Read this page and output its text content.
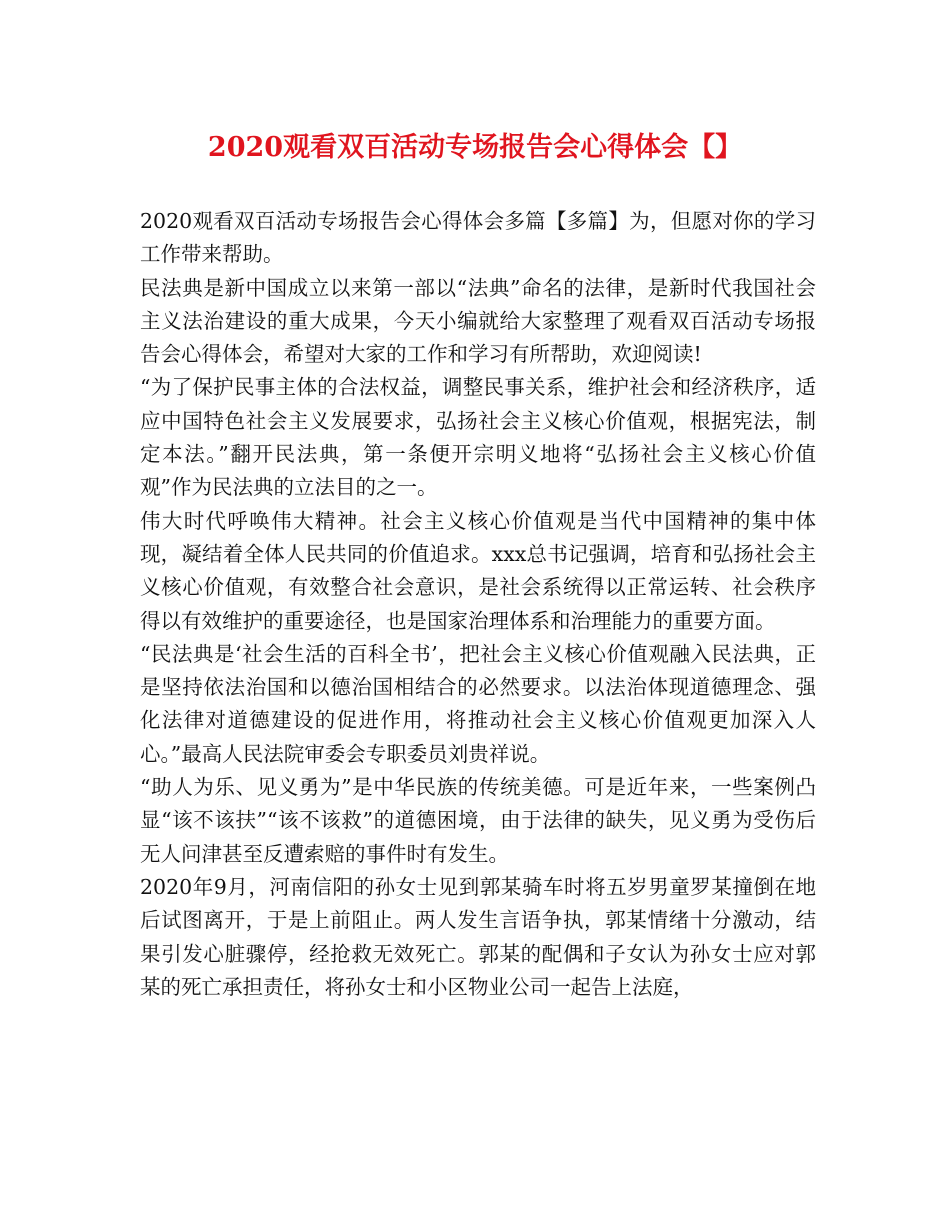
2020观看双百活动专场报告会心得体会【】

2020观看双百活动专场报告会心得体会多篇【多篇】为，但愿对你的学习工作带来帮助。

民法典是新中国成立以来第一部以“法典”命名的法律，是新时代我国社会主义法治建设的重大成果，今天小编就给大家整理了观看双百活动专场报告会心得体会，希望对大家的工作和学习有所帮助，欢迎阅读!

“为了保护民事主体的合法权益，调整民事关系，维护社会和经济秩序，适应中国特色社会主义发展要求，弘扬社会主义核心价值观，根据宪法，制定本法。”翻开民法典，第一条便开宗明义地将“弘扬社会主义核心价值观”作为民法典的立法目的之一。

伟大时代呼唤伟大精神。社会主义核心价值观是当代中国精神的集中体现，凝结着全体人民共同的价值追求。xxx总书记强调，培育和弘扬社会主义核心价值观，有效整合社会意识，是社会系统得以正常运转、社会秩序得以有效维护的重要途径，也是国家治理体系和治理能力的重要方面。

“民法典是‘社会生活的百科全书’，把社会主义核心价值观融入民法典，正是坚持依法治国和以德治国相结合的必然要求。以法治体现道德理念、强化法律对道德建设的促进作用，将推动社会主义核心价值观更加深入人心。”最高人民法院审委会专职委员刘贵祥说。

“助人为乐、见义勇为”是中华民族的传统美德。可是近年来，一些案例凸显“该不该扶”“该不该救”的道德困境，由于法律的缺失，见义勇为受伤后无人问津甚至反遭索赔的事件时有发生。

2020年9月，河南信阳的孙女士见到郭某骑车时将五岁男童罗某撞倒在地后试图离开，于是上前阻止。两人发生言语争执，郭某情绪十分激动，结果引发心脏骤停，经抢救无效死亡。郭某的配偶和子女认为孙女士应对郭某的死亡承担责任，将孙女士和小区物业公司一起告上法庭，
